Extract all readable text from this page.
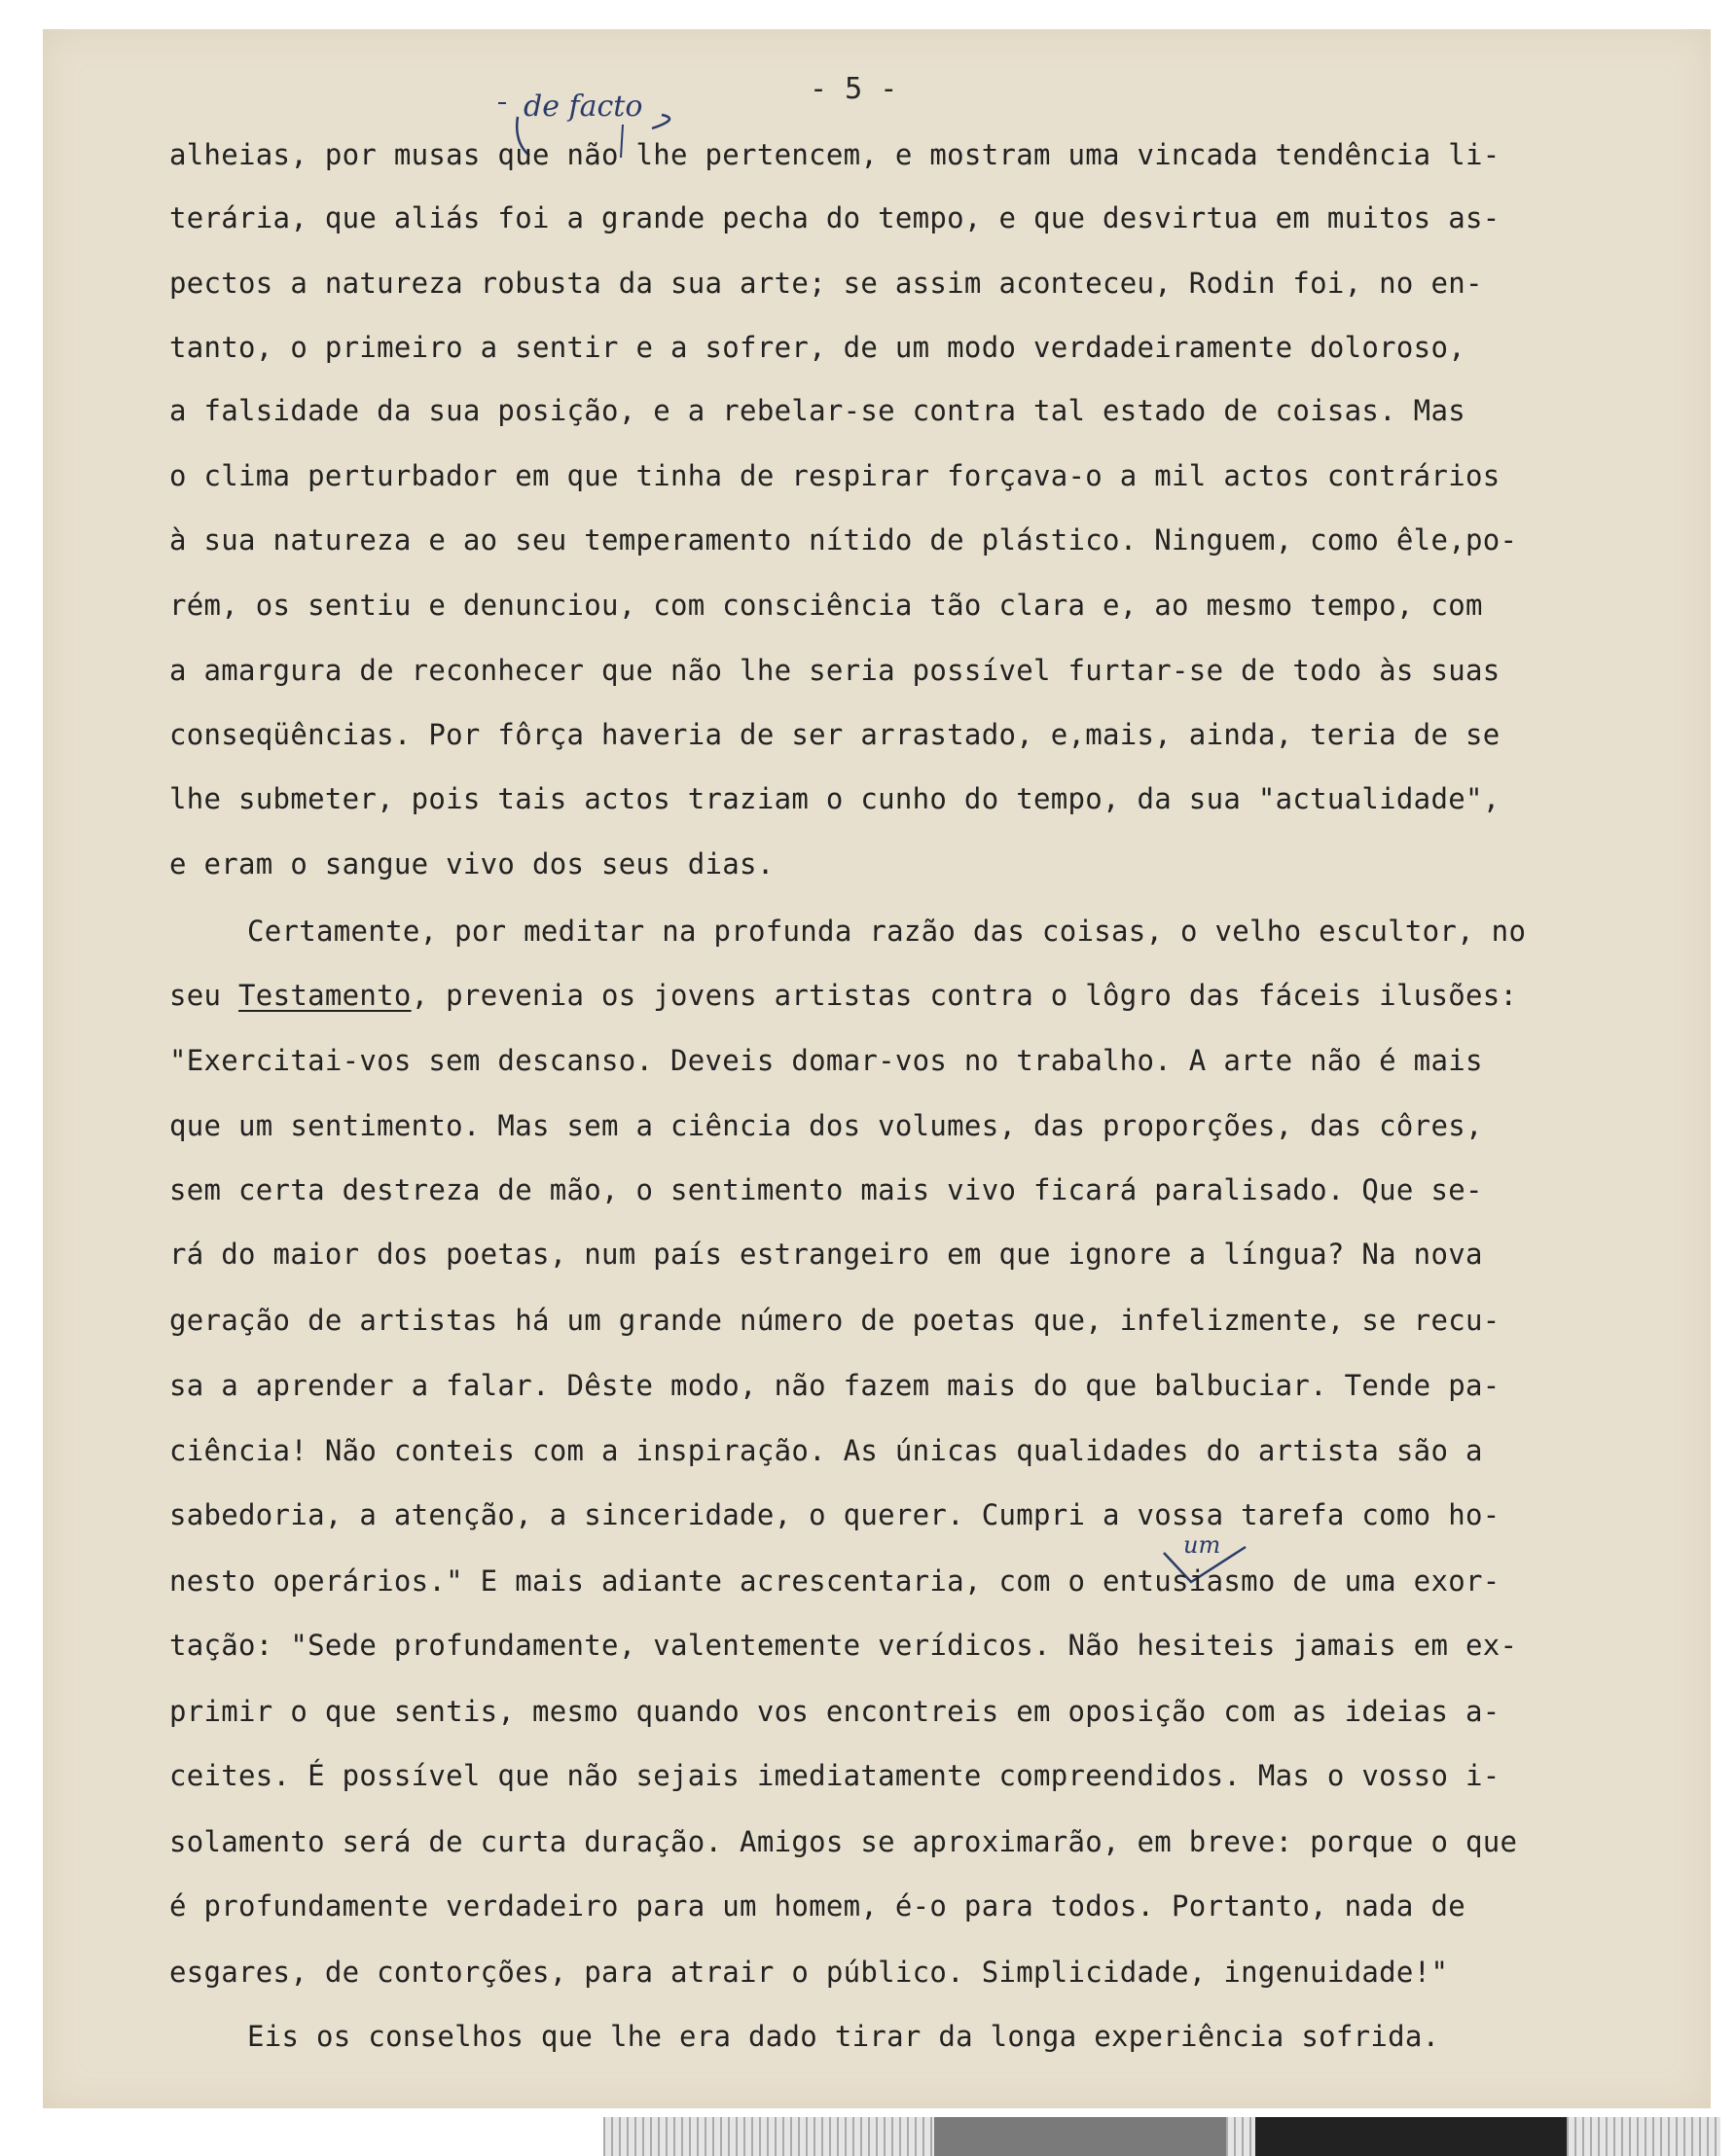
- 5 -
de facto
um
alheias, por musas que não lhe pertencem, e mostram uma vincada tendência li-
terária, que aliás foi a grande pecha do tempo, e que desvirtua em muitos as-
pectos a natureza robusta da sua arte; se assim aconteceu, Rodin foi, no en-
tanto, o primeiro a sentir e a sofrer, de um modo verdadeiramente doloroso,
a falsidade da sua posição, e a rebelar-se contra tal estado de coisas. Mas
o clima perturbador em que tinha de respirar forçava-o a mil actos contrários
à sua natureza e ao seu temperamento nítido de plástico. Ninguem, como êle,po-
rém, os sentiu e denunciou, com consciência tão clara e, ao mesmo tempo, com
a amargura de reconhecer que não lhe seria possível furtar-se de todo às suas
conseqüências. Por fôrça haveria de ser arrastado, e,mais, ainda, teria de se
lhe submeter, pois tais actos traziam o cunho do tempo, da sua "actualidade",
e eram o sangue vivo dos seus dias.
Certamente, por meditar na profunda razão das coisas, o velho escultor, no
seu Testamento, prevenia os jovens artistas contra o lôgro das fáceis ilusões:
"Exercitai-vos sem descanso. Deveis domar-vos no trabalho. A arte não é mais
que um sentimento. Mas sem a ciência dos volumes, das proporções, das côres,
sem certa destreza de mão, o sentimento mais vivo ficará paralisado. Que se-
rá do maior dos poetas, num país estrangeiro em que ignore a língua? Na nova
geração de artistas há um grande número de poetas que, infelizmente, se recu-
sa a aprender a falar. Dêste modo, não fazem mais do que balbuciar. Tende pa-
ciência! Não conteis com a inspiração. As únicas qualidades do artista são a
sabedoria, a atenção, a sinceridade, o querer. Cumpri a vossa tarefa como ho-
nesto operários." E mais adiante acrescentaria, com o entusiasmo de uma exor-
tação: "Sede profundamente, valentemente verídicos. Não hesiteis jamais em ex-
primir o que sentis, mesmo quando vos encontreis em oposição com as ideias a-
ceites. É possível que não sejais imediatamente compreendidos. Mas o vosso i-
solamento será de curta duração. Amigos se aproximarão, em breve: porque o que
é profundamente verdadeiro para um homem, é-o para todos. Portanto, nada de
esgares, de contorções, para atrair o público. Simplicidade, ingenuidade!"
Eis os conselhos que lhe era dado tirar da longa experiência sofrida.
